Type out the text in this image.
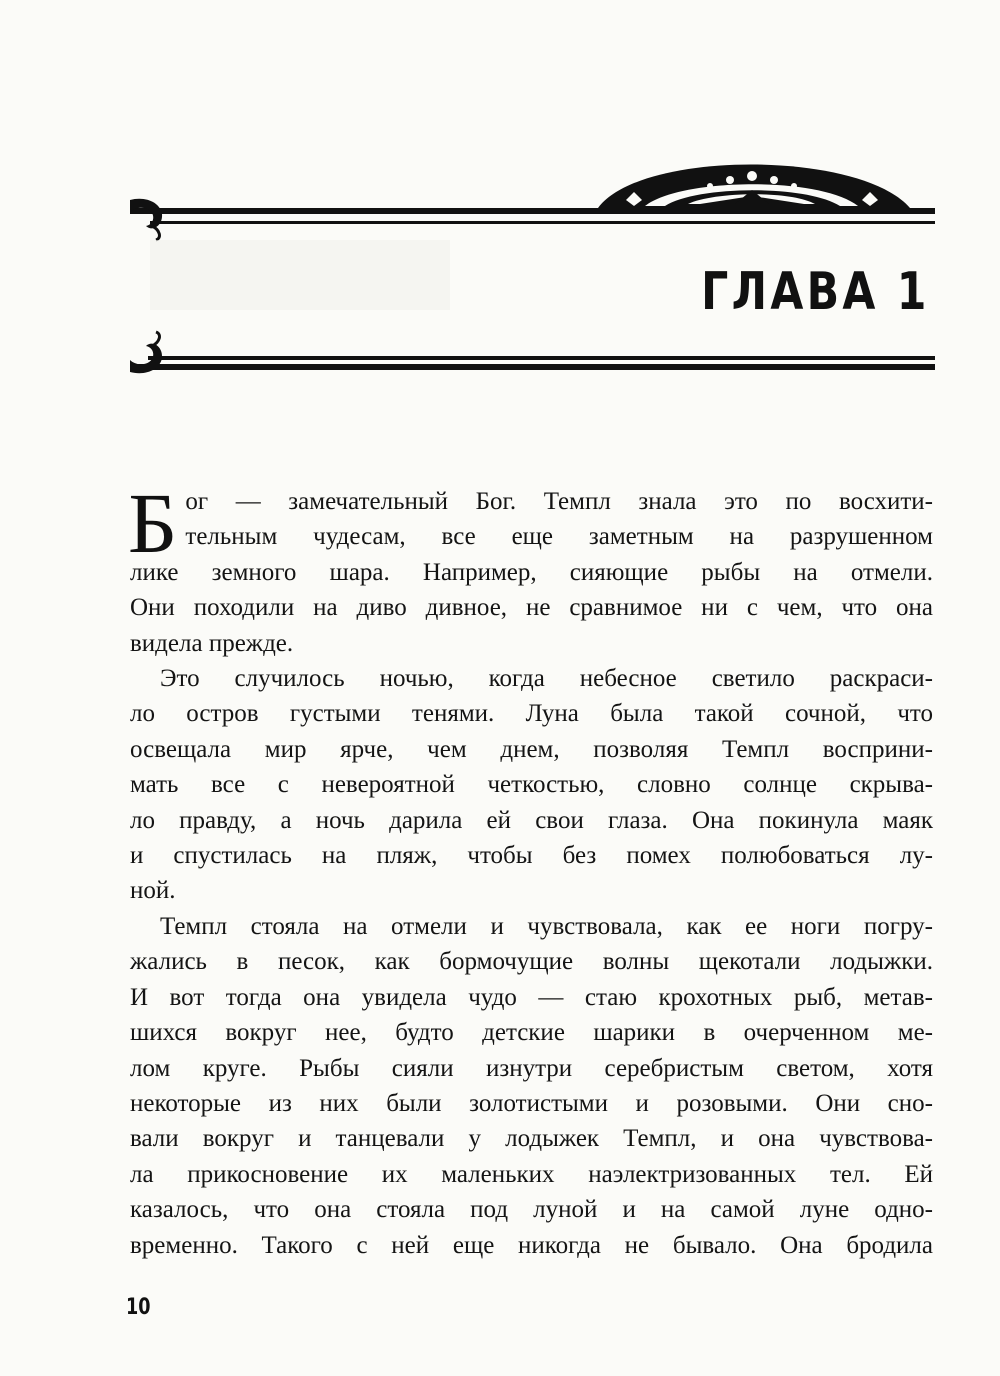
ГЛАВА 1

Б ог — замечательный Бог. Темпл знала это по восхити-
тельным чудесам, все еще заметным на разрушенном
лике земного шара. Например, сияющие рыбы на отмели.
Они походили на диво дивное, не сравнимое ни с чем, что она
видела прежде.

Это случилось ночью, когда небесное светило раскраси-
ло остров густыми тенями. Луна была такой сочной, что
освещала мир ярче, чем днем, позволяя Темпл восприни-
мать все с невероятной четкостью, словно солнце скрыва-
ло правду, а ночь дарила ей свои глаза. Она покинула маяк
и спустилась на пляж, чтобы без помех полюбоваться лу-
ной.

Темпл стояла на отмели и чувствовала, как ее ноги погру-
жались в песок, как бормочущие волны щекотали лодыжки.
И вот тогда она увидела чудо — стаю крохотных рыб, метав-
шихся вокруг нее, будто детские шарики в очерченном ме-
лом круге. Рыбы сияли изнутри серебристым светом, хотя
некоторые из них были золотистыми и розовыми. Они сно-
вали вокруг и танцевали у лодыжек Темпл, и она чувствова-
ла прикосновение их маленьких наэлектризованных тел. Ей
казалось, что она стояла под луной и на самой луне одно-
временно. Такого с ней еще никогда не бывало. Она бродила

10
